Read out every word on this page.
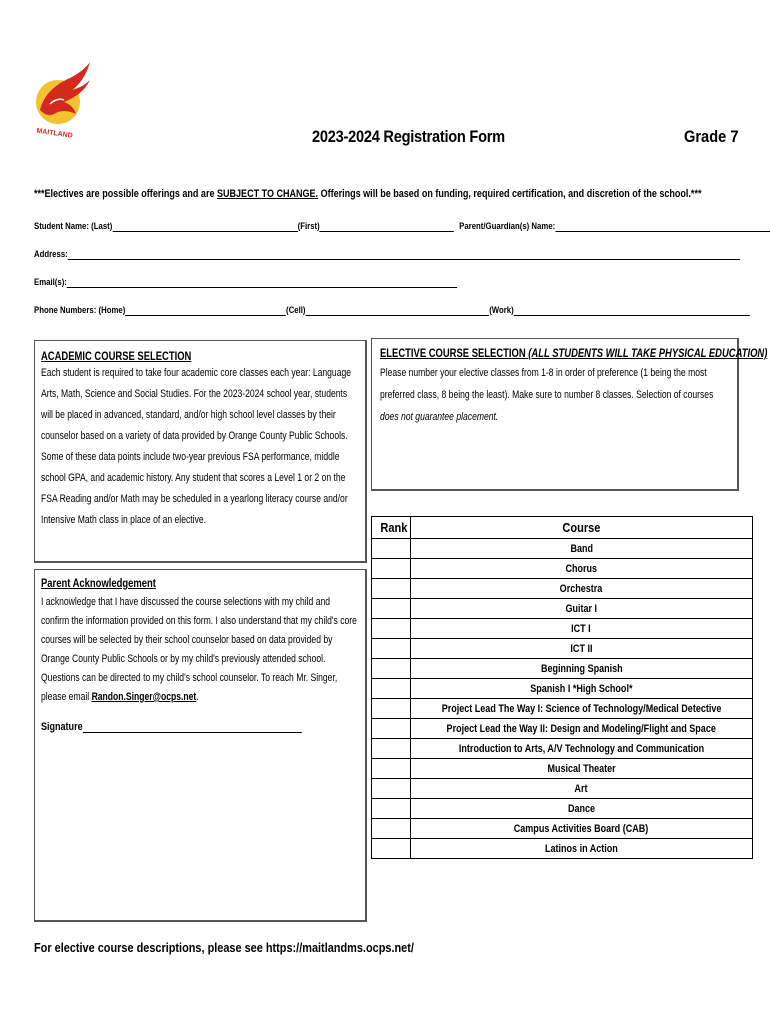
MAITLAND	2023-2024 Registration Form	Grade 7
***Electives are possible offerings and are SUBJECT TO CHANGE. Offerings will be based on funding, required certification, and discretion of the school.***
Student Name: (Last)	(First)	Parent/Guardian(s) Name:
Address:
Email(s):
Phone Numbers: (Home)	(Cell)	(Work)
ACADEMIC COURSE SELECTION
Each student is required to take four academic core classes each year: Language Arts, Math, Science and Social Studies. For the 2023-2024 school year, students will be placed in advanced, standard, and/or high school level classes by their counselor based on a variety of data provided by Orange County Public Schools. Some of these data points include two-year previous FSA performance, middle school GPA, and academic history. Any student that scores a Level 1 or 2 on the FSA Reading and/or Math may be scheduled in a yearlong literacy course and/or Intensive Math class in place of an elective.
ELECTIVE COURSE SELECTION (ALL STUDENTS WILL TAKE PHYSICAL EDUCATION)
Please number your elective classes from 1-8 in order of preference (1 being the most preferred class, 8 being the least). Make sure to number 8 classes. Selection of courses does not guarantee placement.
Parent Acknowledgement
I acknowledge that I have discussed the course selections with my child and confirm the information provided on this form. I also understand that my child's core courses will be selected by their school counselor based on data provided by Orange County Public Schools or by my child's previously attended school. Questions can be directed to my child's school counselor. To reach Mr. Singer, please email Randon.Singer@ocps.net.
Signature
Rank	Course
	Band
	Chorus
	Orchestra
	Guitar I
	ICT I
	ICT II
	Beginning Spanish
	Spanish I *High School*
	Project Lead The Way I: Science of Technology/Medical Detective
	Project Lead the Way II: Design and Modeling/Flight and Space
	Introduction to Arts, A/V Technology and Communication
	Musical Theater
	Art
	Dance
	Campus Activities Board (CAB)
	Latinos in Action
For elective course descriptions, please see https://maitlandms.ocps.net/
